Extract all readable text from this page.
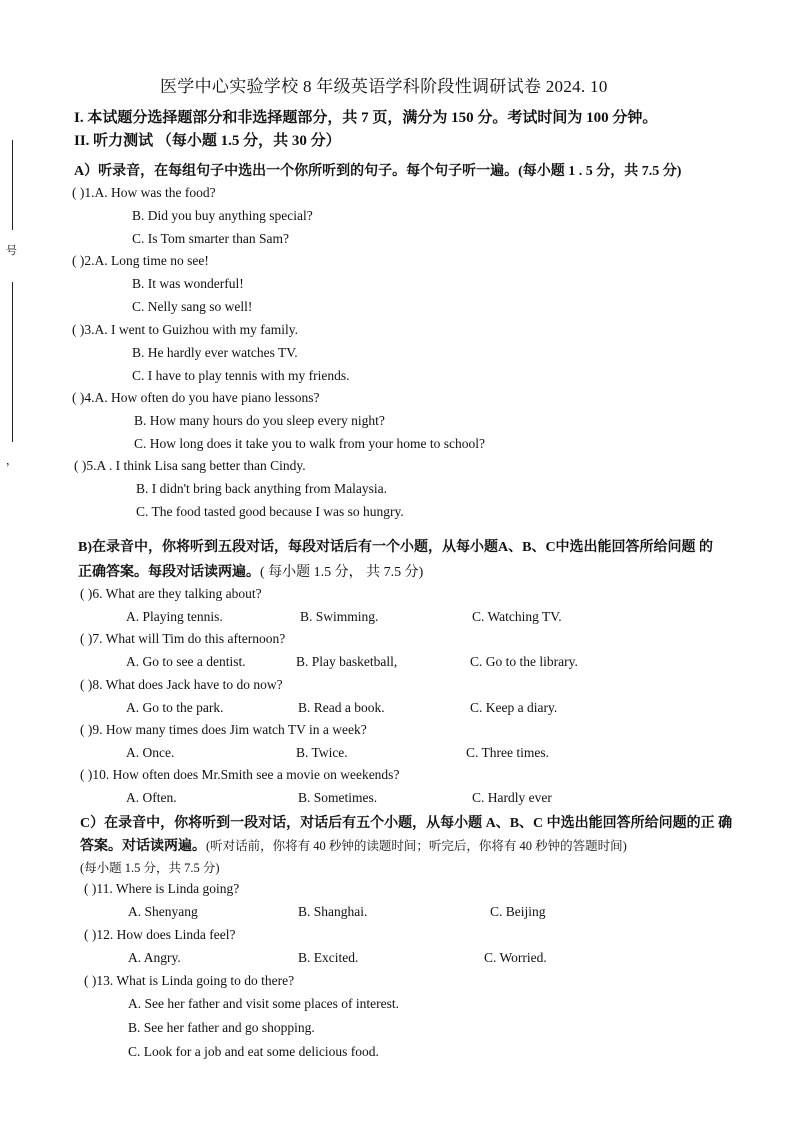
号
，
医学中心实验学校 8 年级英语学科阶段性调研试卷 2024. 10
I. 本试题分选择题部分和非选择题部分，共 7 页，满分为 150 分。考试时间为 100 分钟。
II. 听力测试 （每小题 1.5 分，共 30 分）
A）听录音，在每组句子中选出一个你所听到的句子。每个句子听一遍。(每小题 1 . 5 分，共 7.5 分)
( )1.A. How was the food?
B. Did you buy anything special?
C. Is Tom smarter than Sam?
( )2.A. Long time no see!
B. It was wonderful!
C. Nelly sang so well!
( )3.A. I went to Guizhou with my family.
B. He hardly ever watches TV.
C. I have to play tennis with my friends.
( )4.A. How often do you have piano lessons?
B. How many hours do you sleep every night?
C. How long does it take you to walk from your home to school?
( )5.A . I think Lisa sang better than Cindy.
B. I didn't bring back anything from Malaysia.
C. The food tasted good because I was so hungry.
B)在录音中，你将听到五段对话，每段对话后有一个小题，从每小题A、B、C中选出能回答所给问题 的
正确答案。每段对话读两遍。( 每小题 1.5 分， 共 7.5 分)
( )6. What are they talking about?
A. Playing tennis.	B. Swimming.	C. Watching TV.
( )7. What will Tim do this afternoon?
A. Go to see a dentist.	B. Play basketball,	C. Go to the library.
( )8. What does Jack have to do now?
A. Go to the park.	B. Read a book.	C. Keep a diary.
( )9. How many times does Jim watch TV in a week?
A. Once.	B. Twice.	C. Three times.
( )10. How often does Mr.Smith see a movie on weekends?
A. Often.	B. Sometimes.	C. Hardly ever
C）在录音中，你将听到一段对话，对话后有五个小题，从每小题 A、B、C 中选出能回答所给问题的正 确
答案。对话读两遍。(听对话前，你将有 40 秒钟的读题时间；听完后，你将有 40 秒钟的答题时间)
(每小题 1.5 分，共 7.5 分)
( )11. Where is Linda going?
A. Shenyang	B. Shanghai.	C. Beijing
( )12. How does Linda feel?
A. Angry.	B. Excited.	C. Worried.
( )13. What is Linda going to do there?
A. See her father and visit some places of interest.
B. See her father and go shopping.
C. Look for a job and eat some delicious food.
